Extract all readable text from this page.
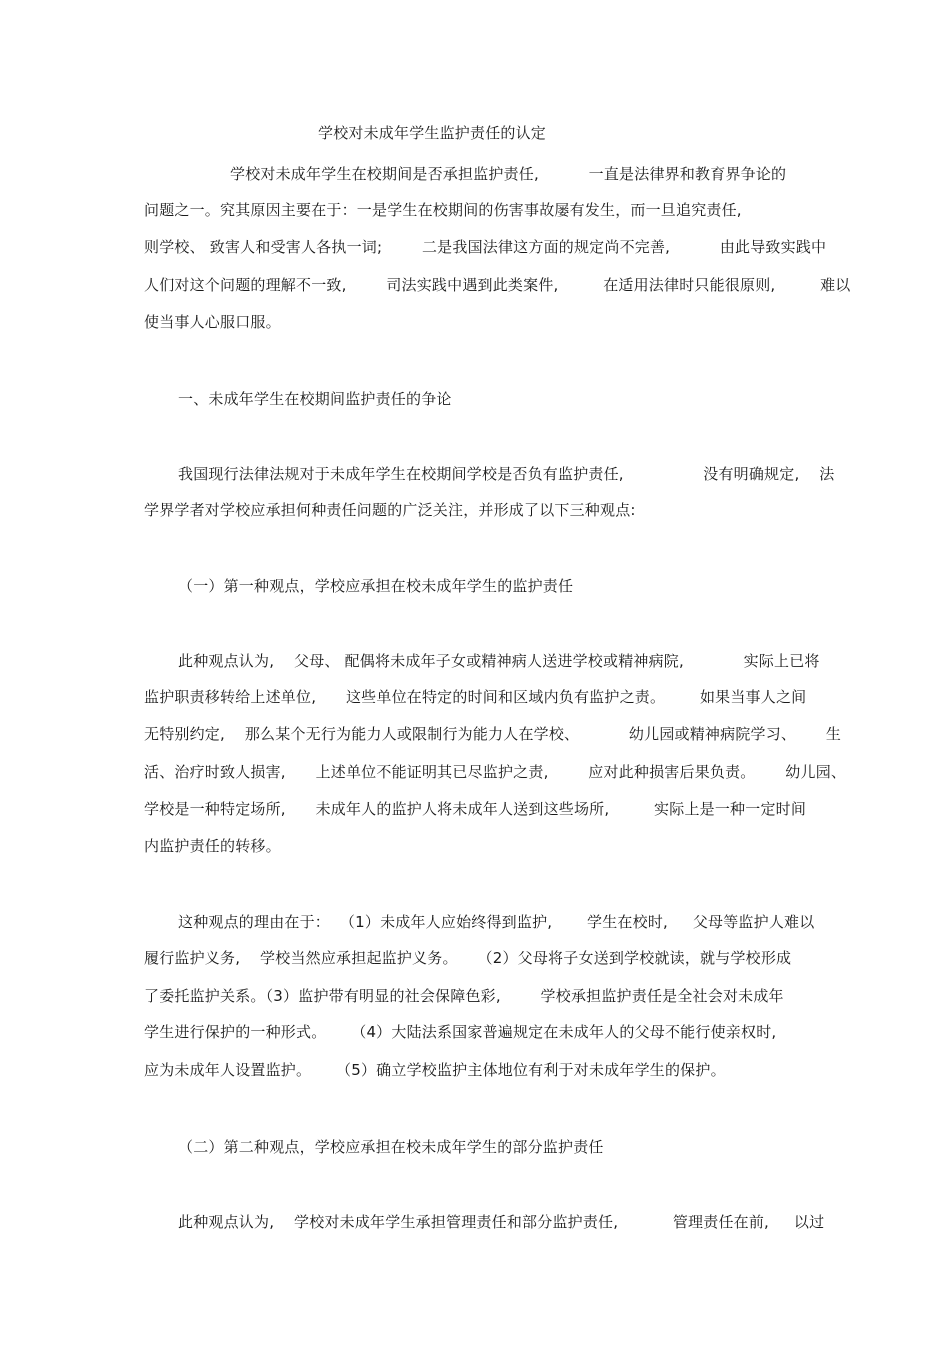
学校对未成年学生监护责任的认定
学校对未成年学生在校期间是否承担监护责任,          一直是法律界和教育界争论的
问题之一。究其原因主要在于：一是学生在校期间的伤害事故屡有发生，而一旦追究责任,
则学校、 致害人和受害人各执一词;        二是我国法律这方面的规定尚不完善,          由此导致实践中
人们对这个问题的理解不一致,        司法实践中遇到此类案件,         在适用法律时只能很原则,         难以
使当事人心服口服。
一、未成年学生在校期间监护责任的争论
我国现行法律法规对于未成年学生在校期间学校是否负有监护责任,                没有明确规定,    法
学界学者对学校应承担何种责任问题的广泛关注，并形成了以下三种观点:
（一）第一种观点，学校应承担在校未成年学生的监护责任
此种观点认为,    父母、 配偶将未成年子女或精神病人送进学校或精神病院,            实际上已将
监护职责移转给上述单位,      这些单位在特定的时间和区域内负有监护之责。       如果当事人之间
无特别约定,    那么某个无行为能力人或限制行为能力人在学校、          幼儿园或精神病院学习、      生
活、治疗时致人损害,      上述单位不能证明其已尽监护之责,        应对此种损害后果负责。      幼儿园、
学校是一种特定场所,      未成年人的监护人将未成年人送到这些场所,         实际上是一种一定时间
内监护责任的转移。
这种观点的理由在于：  （1）未成年人应始终得到监护,       学生在校时,     父母等监护人难以
履行监护义务,    学校当然应承担起监护义务。    （2）父母将子女送到学校就读，就与学校形成
了委托监护关系。（3）监护带有明显的社会保障色彩,        学校承担监护责任是全社会对未成年
学生进行保护的一种形式。     （4）大陆法系国家普遍规定在未成年人的父母不能行使亲权时,
应为未成年人设置监护。     （5）确立学校监护主体地位有利于对未成年学生的保护。
（二）第二种观点，学校应承担在校未成年学生的部分监护责任
此种观点认为,    学校对未成年学生承担管理责任和部分监护责任,           管理责任在前,     以过
